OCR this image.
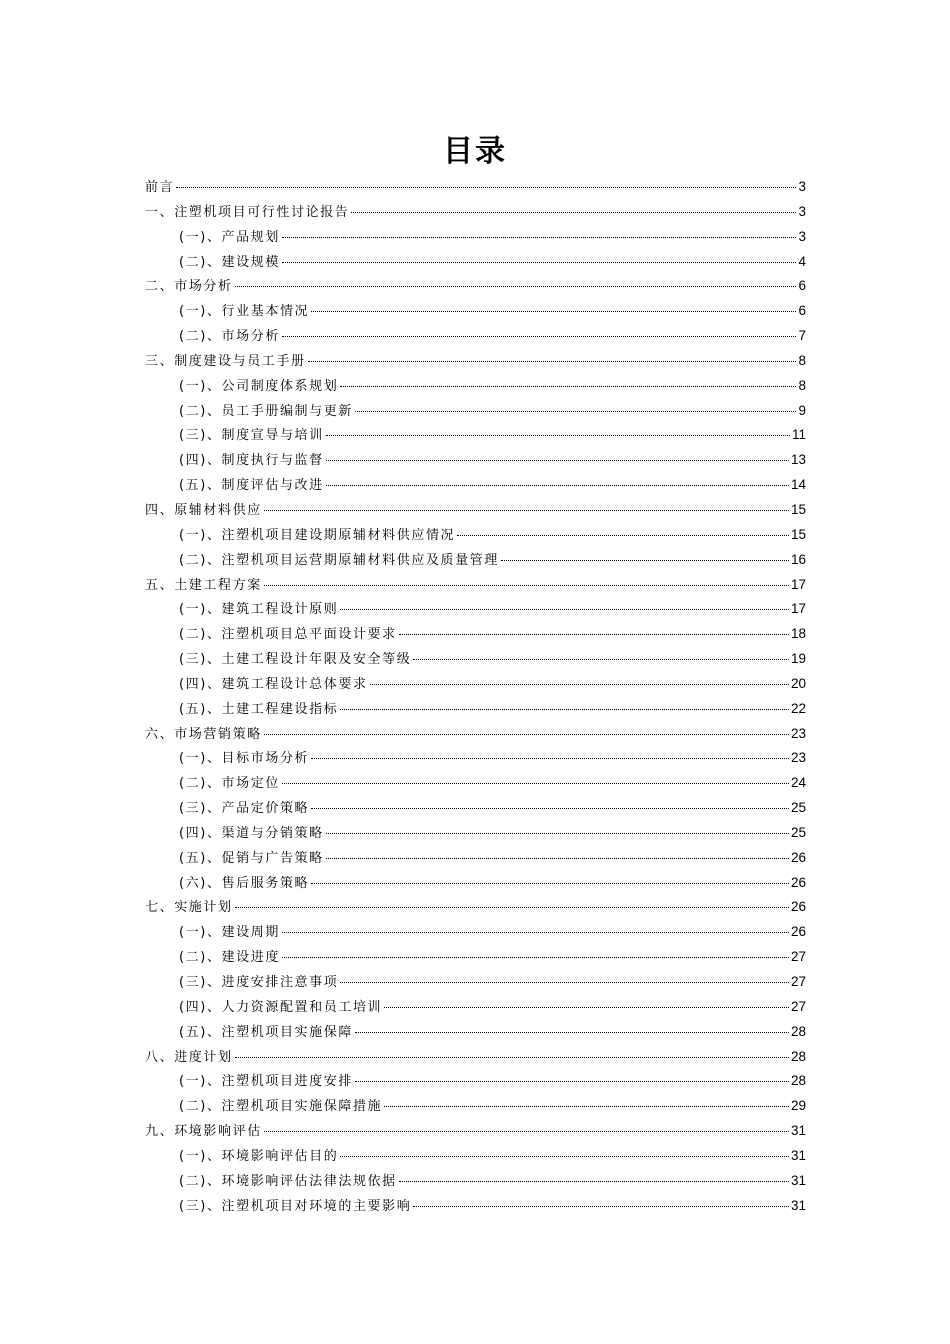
目录
前言	3
一、注塑机项目可行性讨论报告	3
(一)、产品规划	3
(二)、建设规模	4
二、市场分析	6
(一)、行业基本情况	6
(二)、市场分析	7
三、制度建设与员工手册	8
(一)、公司制度体系规划	8
(二)、员工手册编制与更新	9
(三)、制度宣导与培训	11
(四)、制度执行与监督	13
(五)、制度评估与改进	14
四、原辅材料供应	15
(一)、注塑机项目建设期原辅材料供应情况	15
(二)、注塑机项目运营期原辅材料供应及质量管理	16
五、土建工程方案	17
(一)、建筑工程设计原则	17
(二)、注塑机项目总平面设计要求	18
(三)、土建工程设计年限及安全等级	19
(四)、建筑工程设计总体要求	20
(五)、土建工程建设指标	22
六、市场营销策略	23
(一)、目标市场分析	23
(二)、市场定位	24
(三)、产品定价策略	25
(四)、渠道与分销策略	25
(五)、促销与广告策略	26
(六)、售后服务策略	26
七、实施计划	26
(一)、建设周期	26
(二)、建设进度	27
(三)、进度安排注意事项	27
(四)、人力资源配置和员工培训	27
(五)、注塑机项目实施保障	28
八、进度计划	28
(一)、注塑机项目进度安排	28
(二)、注塑机项目实施保障措施	29
九、环境影响评估	31
(一)、环境影响评估目的	31
(二)、环境影响评估法律法规依据	31
(三)、注塑机项目对环境的主要影响	31
